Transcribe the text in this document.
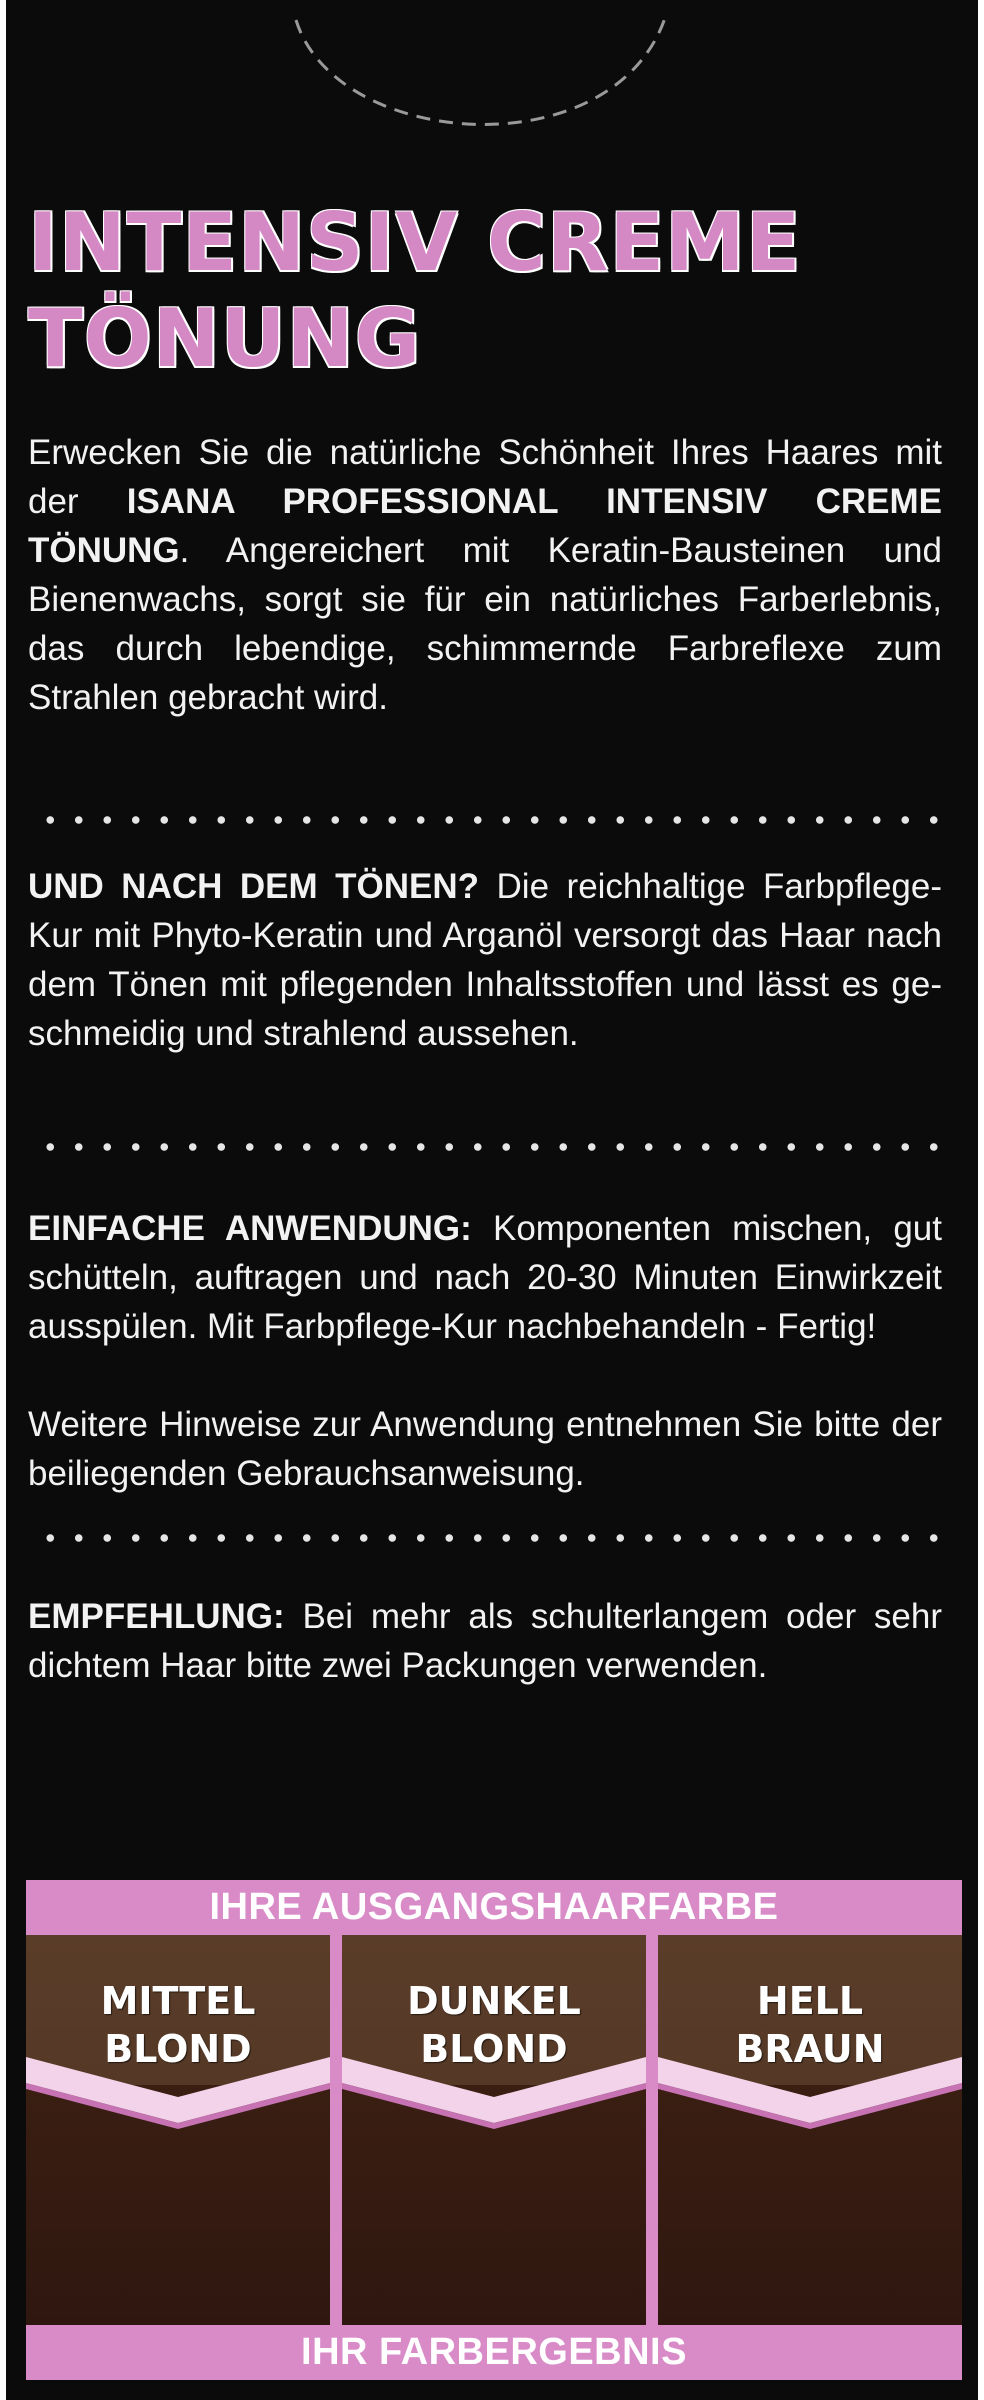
INTENSIV CREME
TÖNUNG

Erwecken Sie die natürliche Schönheit Ihres Haares mit der ISANA PROFESSIONAL INTENSIV CREME TÖNUNG. Angereichert mit Keratin-Bausteinen und Bienenwachs, sorgt sie für ein natürliches Farberlebnis, das durch lebendige, schimmernde Farbreflexe zum Strahlen gebracht wird.

UND NACH DEM TÖNEN? Die reichhaltige Farbpflege-Kur mit Phyto-Keratin und Arganöl versorgt das Haar nach dem Tönen mit pflegenden Inhaltsstoffen und lässt es geschmeidig und strahlend aussehen.

EINFACHE ANWENDUNG: Komponenten mischen, gut schütteln, auftragen und nach 20-30 Minuten Einwirkzeit ausspülen. Mit Farbpflege-Kur nachbehandeln - Fertig!

Weitere Hinweise zur Anwendung entnehmen Sie bitte der beiliegenden Gebrauchsanweisung.

EMPFEHLUNG: Bei mehr als schulterlangem oder sehr dichtem Haar bitte zwei Packungen verwenden.

IHRE AUSGANGSHAARFARBE
MITTEL
BLOND
DUNKEL
BLOND
HELL
BRAUN
IHR FARBERGEBNIS
